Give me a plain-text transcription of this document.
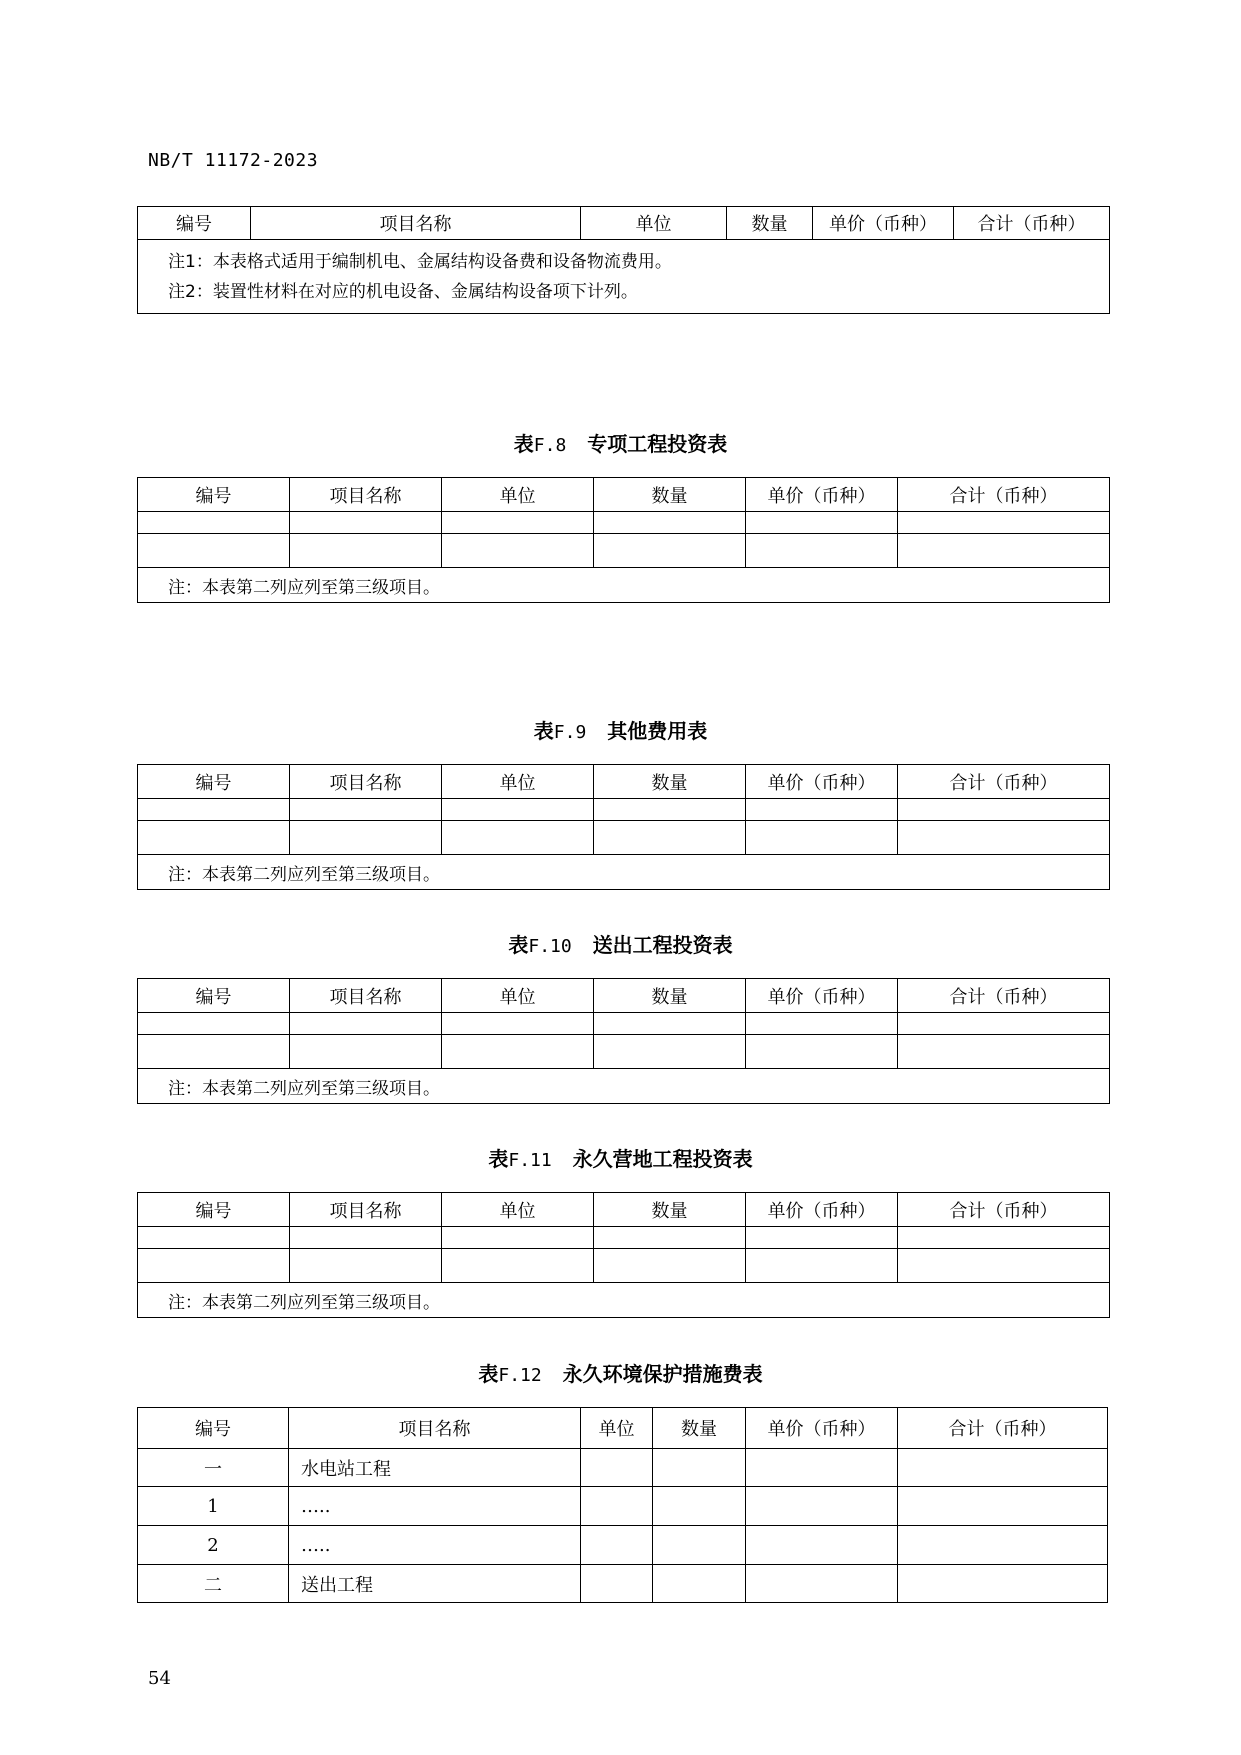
NB/T 11172-2023
编号	项目名称	单位	数量	单价（币种）	合计（币种）

注1：本表格式适用于编制机电、金属结构设备费和设备物流费用。
注2：装置性材料在对应的机电设备、金属结构设备项下计列。
表F.8 专项工程投资表
编号	项目名称	单位	数量	单价（币种）	合计（币种）

注：本表第二列应列至第三级项目。					
表F.9 其他费用表
编号	项目名称	单位	数量	单价（币种）	合计（币种）

注：本表第二列应列至第三级项目。					
表F.10 送出工程投资表
编号	项目名称	单位	数量	单价（币种）	合计（币种）

注：本表第二列应列至第三级项目。					
表F.11 永久营地工程投资表
编号	项目名称	单位	数量	单价（币种）	合计（币种）

注：本表第二列应列至第三级项目。					
表F.12 永久环境保护措施费表
编号	项目名称	单位	数量	单价（币种）	合计（币种）
一	水电站工程				
1	…..				
2	…..				
二	送出工程				
54
